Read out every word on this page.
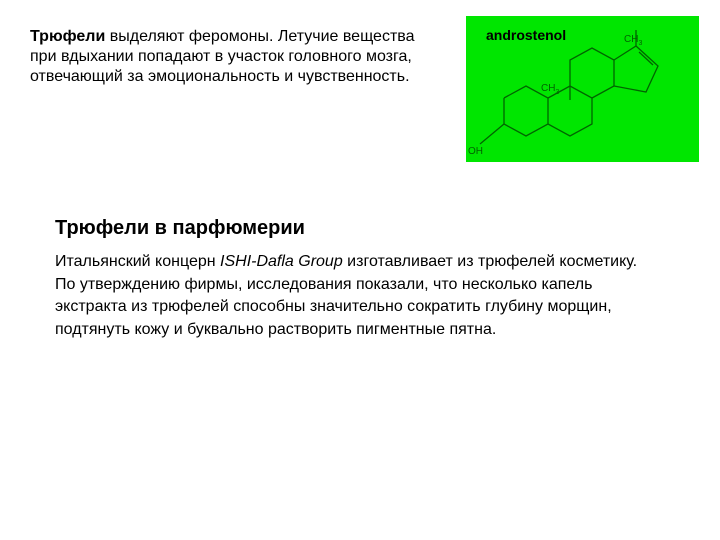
Трюфели выделяют феромоны. Летучие вещества при вдыхании попадают в участок головного мозга, отвечающий за эмоциональность и чувственность.
androstenol	$CH_3$
$CH_3$
OH
Трюфели в парфюмерии
Итальянский концерн ISHI-Dafla Group изготавливает из трюфелей косметику. По утверждению фирмы, исследования показали, что несколько капель экстракта из трюфелей способны значительно сократить глубину морщин, подтянуть кожу и буквально растворить пигментные пятна.
